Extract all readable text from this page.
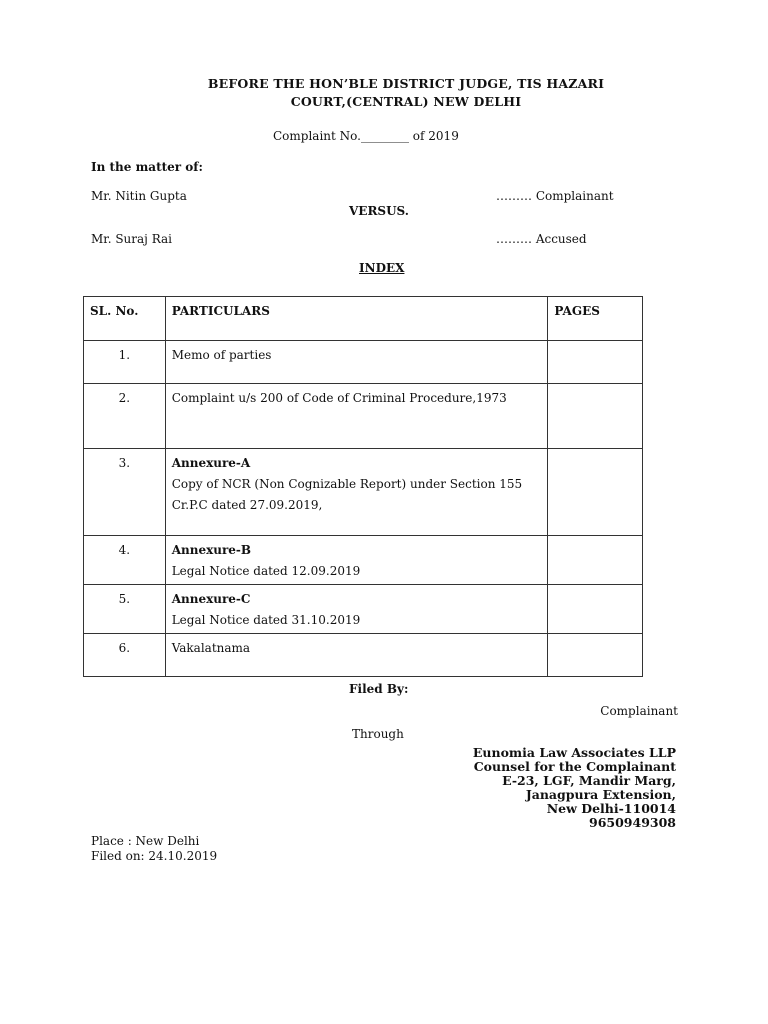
BEFORE THE HON’BLE DISTRICT JUDGE, TIS HAZARI
COURT,(CENTRAL) NEW DELHI
Complaint No.________ of 2019
In the matter of:
Mr. Nitin Gupta	……… Complainant
VERSUS.
Mr. Suraj Rai	……… Accused
INDEX
SL. No.	PARTICULARS	PAGES
1.	Memo of parties	
2.	Complaint u/s 200 of Code of Criminal Procedure,1973	
3.	Annexure-A
Copy of NCR (Non Cognizable Report) under Section 155 Cr.P.C dated 27.09.2019,	

4.	Annexure-B
Legal Notice dated 12.09.2019	

5.	Annexure-C
Legal Notice dated 31.10.2019	

6.	Vakalatnama	
Filed By:
Complainant
Through
Eunomia Law Associates LLP
Counsel for the Complainant
E-23, LGF, Mandir Marg,
Janagpura Extension,
New Delhi-110014
9650949308
Place : New Delhi
Filed on: 24.10.2019
